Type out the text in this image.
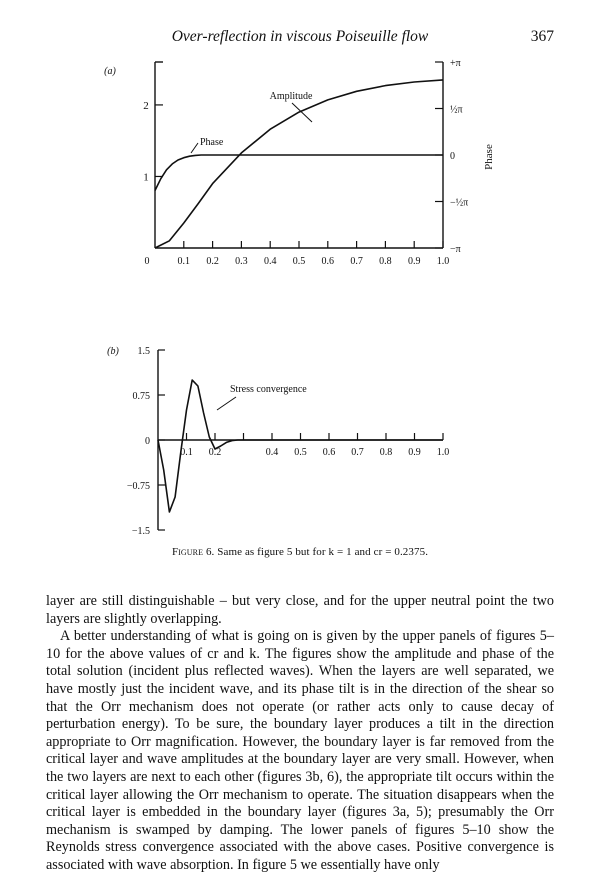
Over-reflection in viscous Poiseuille flow	367
0	0.1 0.2 0.3 0.4 0.5 0.6 0.7 0.8 0.9 1.0
1
2
+π
½π
0
−½π
−π
Phase
(a)
Amplitude
Phase
1.5
0.75
0
−0.75
−1.5
0.1 0.2	0.4 0.5 0.6 0.7 0.8 0.9 1.0
(b)
Stress convergence
Figure 6. Same as figure 5 but for k = 1 and cr = 0.2375.

layer are still distinguishable – but very close, and for the upper neutral point the two layers are slightly overlapping.

A better understanding of what is going on is given by the upper panels of figures 5–10 for the above values of cr and k. The figures show the amplitude and phase of the total solution (incident plus reflected waves). When the layers are well separated, we have mostly just the incident wave, and its phase tilt is in the direction of the shear so that the Orr mechanism does not operate (or rather acts only to cause decay of perturbation energy). To be sure, the boundary layer produces a tilt in the direction appropriate to Orr magnification. However, the boundary layer is far removed from the critical layer and wave amplitudes at the boundary layer are very small. However, when the two layers are next to each other (figures 3b, 6), the appropriate tilt occurs within the critical layer allowing the Orr mechanism to operate. The situation disappears when the critical layer is embedded in the boundary layer (figures 3a, 5); presumably the Orr mechanism is swamped by damping. The lower panels of figures 5–10 show the Reynolds stress convergence associated with the above cases. Positive convergence is associated with wave absorption. In figure 5 we essentially have only
